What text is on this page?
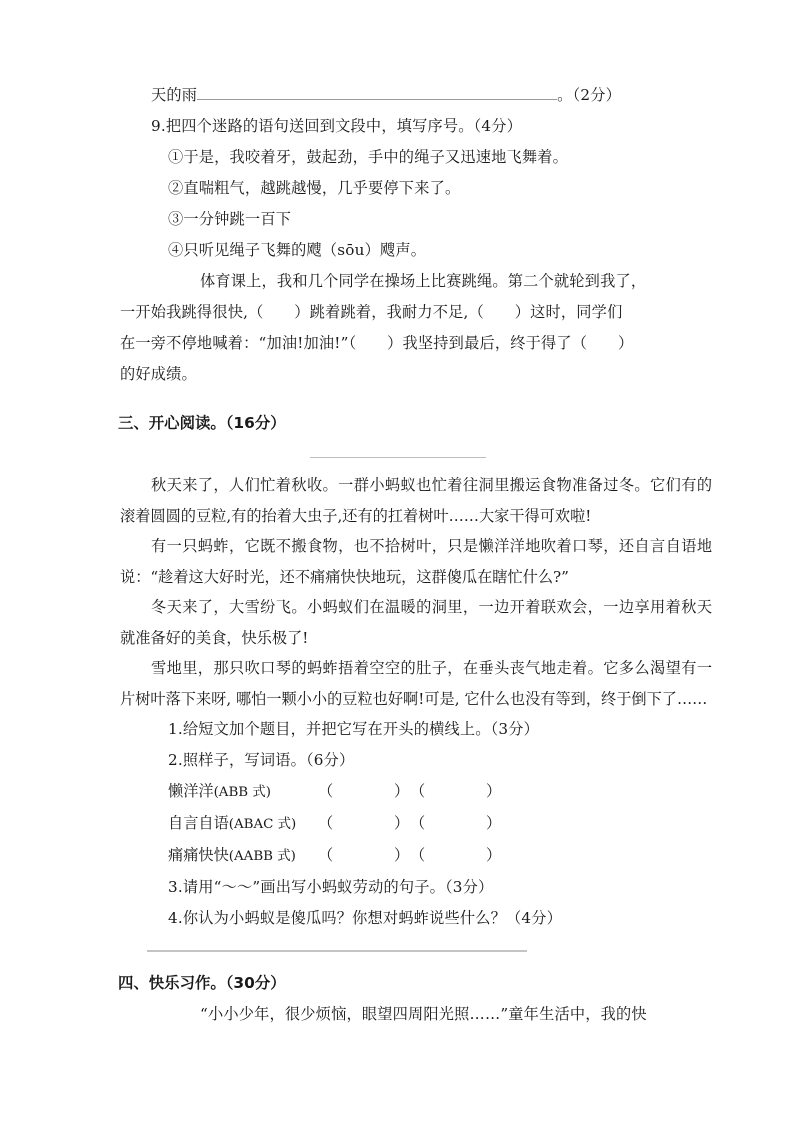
天的雨	。（2分）
9.把四个迷路的语句送回到文段中，填写序号。（4分）
①于是，我咬着牙，鼓起劲，手中的绳子又迅速地飞舞着。
②直喘粗气，越跳越慢，几乎要停下来了。
③一分钟跳一百下
④只听见绳子飞舞的飕（sōu）飕声。
体育课上，我和几个同学在操场上比赛跳绳。第二个就轮到我了，
一开始我跳得很快,（　　）跳着跳着，我耐力不足,（　　）这时，同学们
在一旁不停地喊着：“加油!加油!”（　　）我坚持到最后，终于得了（　　）
的好成绩。
三、开心阅读。（16分）

秋天来了，人们忙着秋收。一群小蚂蚁也忙着往洞里搬运食物准备过冬。它们有的滚着圆圆的豆粒,有的抬着大虫子,还有的扛着树叶……大家干得可欢啦!

有一只蚂蚱，它既不搬食物，也不拾树叶，只是懒洋洋地吹着口琴，还自言自语地说：“趁着这大好时光，还不痛痛快快地玩，这群傻瓜在瞎忙什么?”

冬天来了，大雪纷飞。小蚂蚁们在温暖的洞里，一边开着联欢会，一边享用着秋天就准备好的美食，快乐极了!

雪地里，那只吹口琴的蚂蚱捂着空空的肚子，在垂头丧气地走着。它多么渴望有一片树叶落下来呀, 哪怕一颗小小的豆粒也好啊!可是, 它什么也没有等到，终于倒下了……

1.给短文加个题目，并把它写在开头的横线上。（3分）
2.照样子，写词语。（6分）
懒洋洋(ABB 式)	（　　　　）（　　　　）
自言自语(ABAC 式) （　　　　）（　　　　）
痛痛快快(AABB 式) （　　　　）（　　　　）
3.请用“～～”画出写小蚂蚁劳动的句子。（3分）
4.你认为小蚂蚁是傻瓜吗？你想对蚂蚱说些什么？（4分）
四、快乐习作。（30分）
“小小少年，很少烦恼，眼望四周阳光照……”童年生活中，我的快
